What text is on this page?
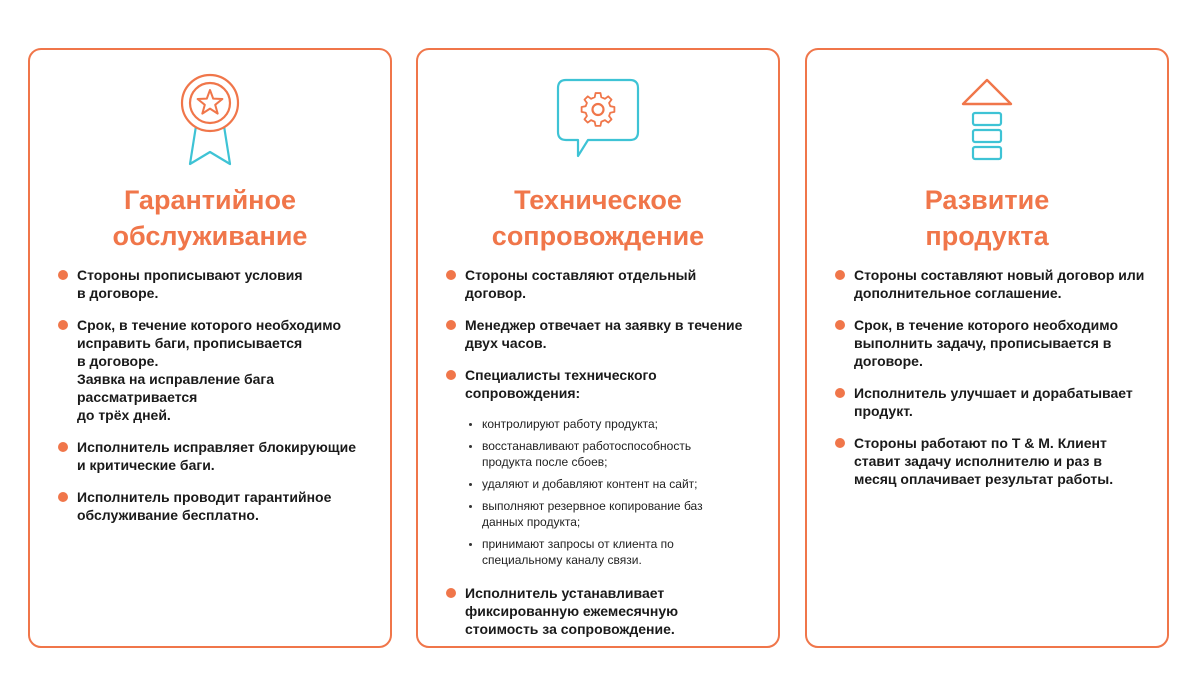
Гарантийное
обслуживание
Стороны прописывают условия
в договоре.
Срок, в течение которого необходимо
исправить баги, прописывается
в договоре.
Заявка на исправление бага
рассматривается
до трёх дней.
Исполнитель исправляет блокирующие
и критические баги.
Исполнитель проводит гарантийное
обслуживание бесплатно.
Техническое
сопровождение
Стороны составляют отдельный
договор.
Менеджер отвечает на заявку в течение
двух часов.
Специалисты технического
сопровождения:
контролируют работу продукта;
восстанавливают работоспособность
продукта после сбоев;
удаляют и добавляют контент на сайт;
выполняют резервное копирование баз
данных продукта;
принимают запросы от клиента по
специальному каналу связи.
Исполнитель устанавливает
фиксированную ежемесячную
стоимость за сопровождение.
Развитие
продукта
Стороны составляют новый договор или
дополнительное соглашение.
Срок, в течение которого необходимо
выполнить задачу, прописывается в
договоре.
Исполнитель улучшает и дорабатывает
продукт.
Стороны работают по T & M. Клиент
ставит задачу исполнителю и раз в
месяц оплачивает результат работы.
